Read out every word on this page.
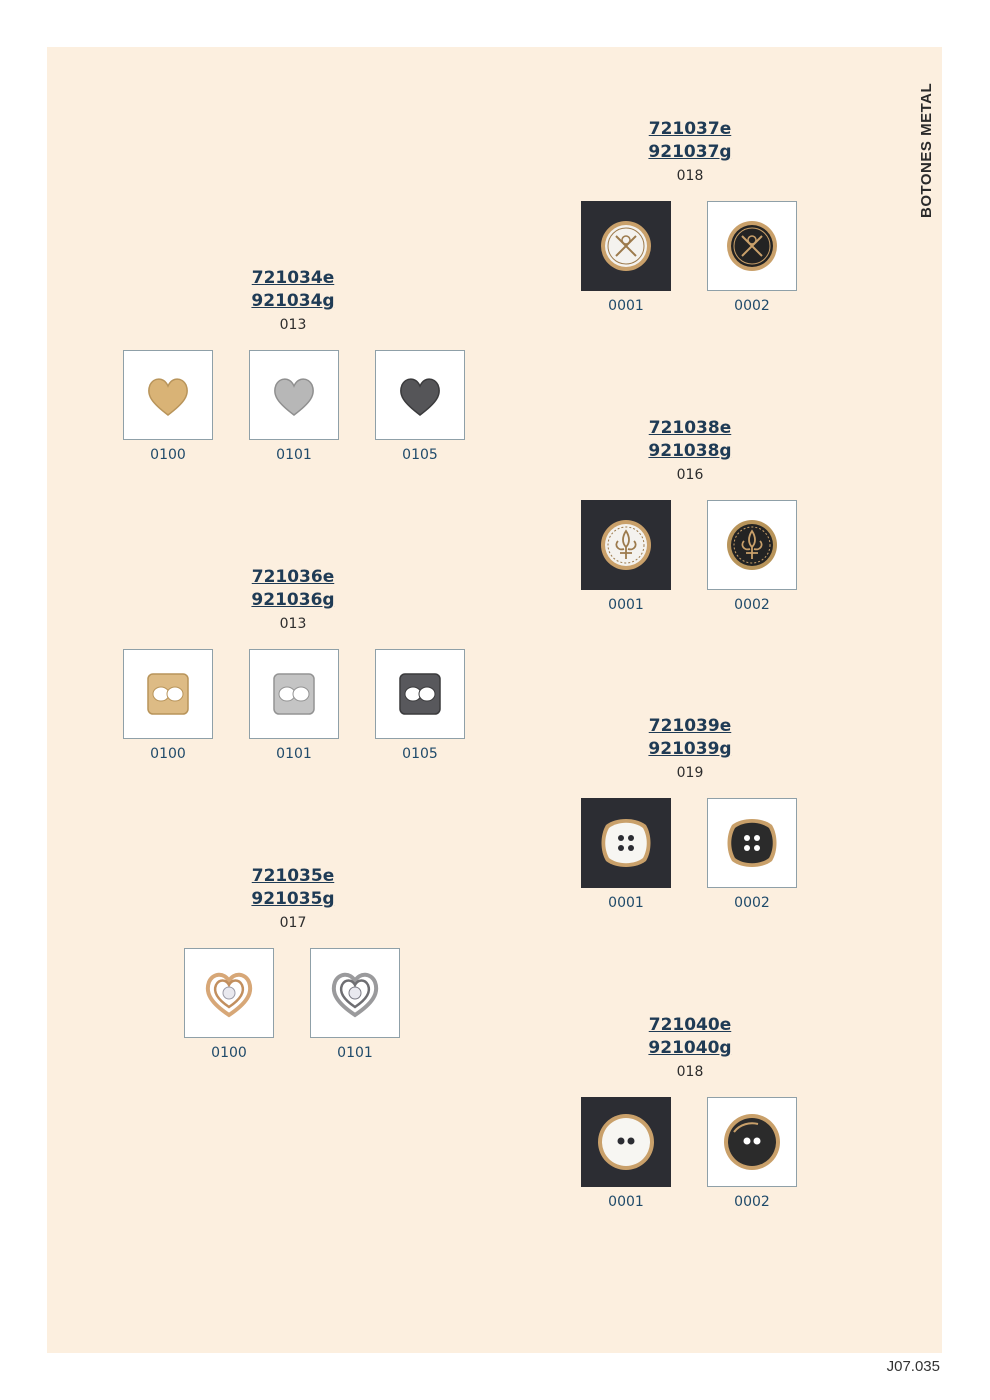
BOTONES METAL
J07.035
721034e
921034g
013
0100	0101	0105
721036e
921036g
013
0100	0101	0105
721035e
921035g
017
0100	0101
721037e
921037g
018
0001	0002
721038e
921038g
016
0001	0002
721039e
921039g
019
0001	0002
721040e
921040g
018
0001	0002
